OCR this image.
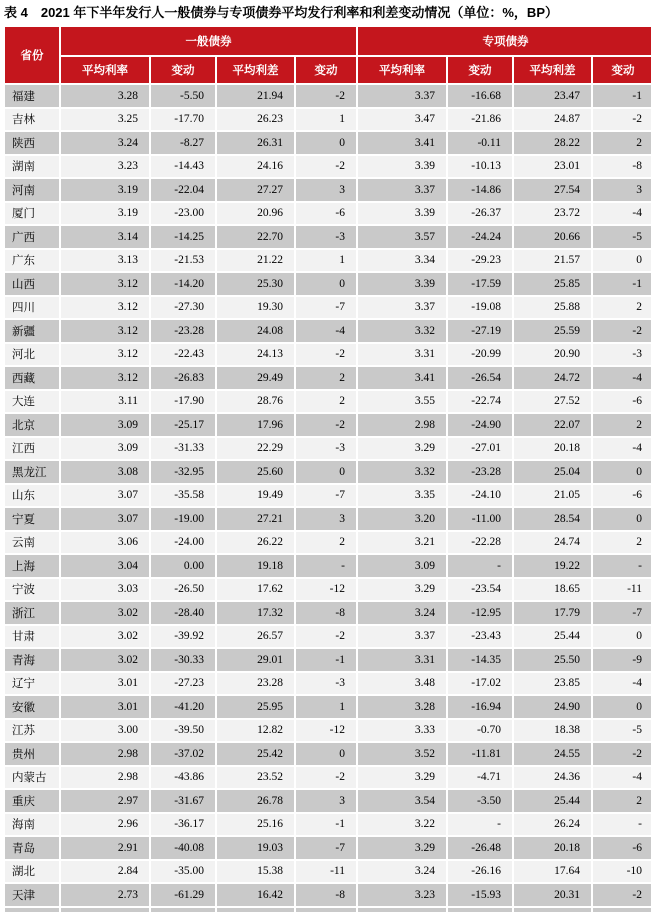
表 4　2021 年下半年发行人一般债券与专项债券平均发行利率和利差变动情况（单位：%，BP）
省份	一般债券				专项债券			
	平均利率	变动	平均利差	变动	平均利率	变动	平均利差	变动
福建	3.28	-5.50	21.94	-2	3.37	-16.68	23.47	-1
吉林	3.25	-17.70	26.23	1	3.47	-21.86	24.87	-2
陕西	3.24	-8.27	26.31	0	3.41	-0.11	28.22	2
湖南	3.23	-14.43	24.16	-2	3.39	-10.13	23.01	-8
河南	3.19	-22.04	27.27	3	3.37	-14.86	27.54	3
厦门	3.19	-23.00	20.96	-6	3.39	-26.37	23.72	-4
广西	3.14	-14.25	22.70	-3	3.57	-24.24	20.66	-5
广东	3.13	-21.53	21.22	1	3.34	-29.23	21.57	0
山西	3.12	-14.20	25.30	0	3.39	-17.59	25.85	-1
四川	3.12	-27.30	19.30	-7	3.37	-19.08	25.88	2
新疆	3.12	-23.28	24.08	-4	3.32	-27.19	25.59	-2
河北	3.12	-22.43	24.13	-2	3.31	-20.99	20.90	-3
西藏	3.12	-26.83	29.49	2	3.41	-26.54	24.72	-4
大连	3.11	-17.90	28.76	2	3.55	-22.74	27.52	-6
北京	3.09	-25.17	17.96	-2	2.98	-24.90	22.07	2
江西	3.09	-31.33	22.29	-3	3.29	-27.01	20.18	-4
黑龙江	3.08	-32.95	25.60	0	3.32	-23.28	25.04	0
山东	3.07	-35.58	19.49	-7	3.35	-24.10	21.05	-6
宁夏	3.07	-19.00	27.21	3	3.20	-11.00	28.54	0
云南	3.06	-24.00	26.22	2	3.21	-22.28	24.74	2
上海	3.04	0.00	19.18	-	3.09	-	19.22	-
宁波	3.03	-26.50	17.62	-12	3.29	-23.54	18.65	-11
浙江	3.02	-28.40	17.32	-8	3.24	-12.95	17.79	-7
甘肃	3.02	-39.92	26.57	-2	3.37	-23.43	25.44	0
青海	3.02	-30.33	29.01	-1	3.31	-14.35	25.50	-9
辽宁	3.01	-27.23	23.28	-3	3.48	-17.02	23.85	-4
安徽	3.01	-41.20	25.95	1	3.28	-16.94	24.90	0
江苏	3.00	-39.50	12.82	-12	3.33	-0.70	18.38	-5
贵州	2.98	-37.02	25.42	0	3.52	-11.81	24.55	-2
内蒙古	2.98	-43.86	23.52	-2	3.29	-4.71	24.36	-4
重庆	2.97	-31.67	26.78	3	3.54	-3.50	25.44	2
海南	2.96	-36.17	25.16	-1	3.22	-	26.24	-
青岛	2.91	-40.08	19.03	-7	3.29	-26.48	20.18	-6
湖北	2.84	-35.00	15.38	-11	3.24	-26.16	17.64	-10
天津	2.73	-61.29	16.42	-8	3.23	-15.93	20.31	-2
